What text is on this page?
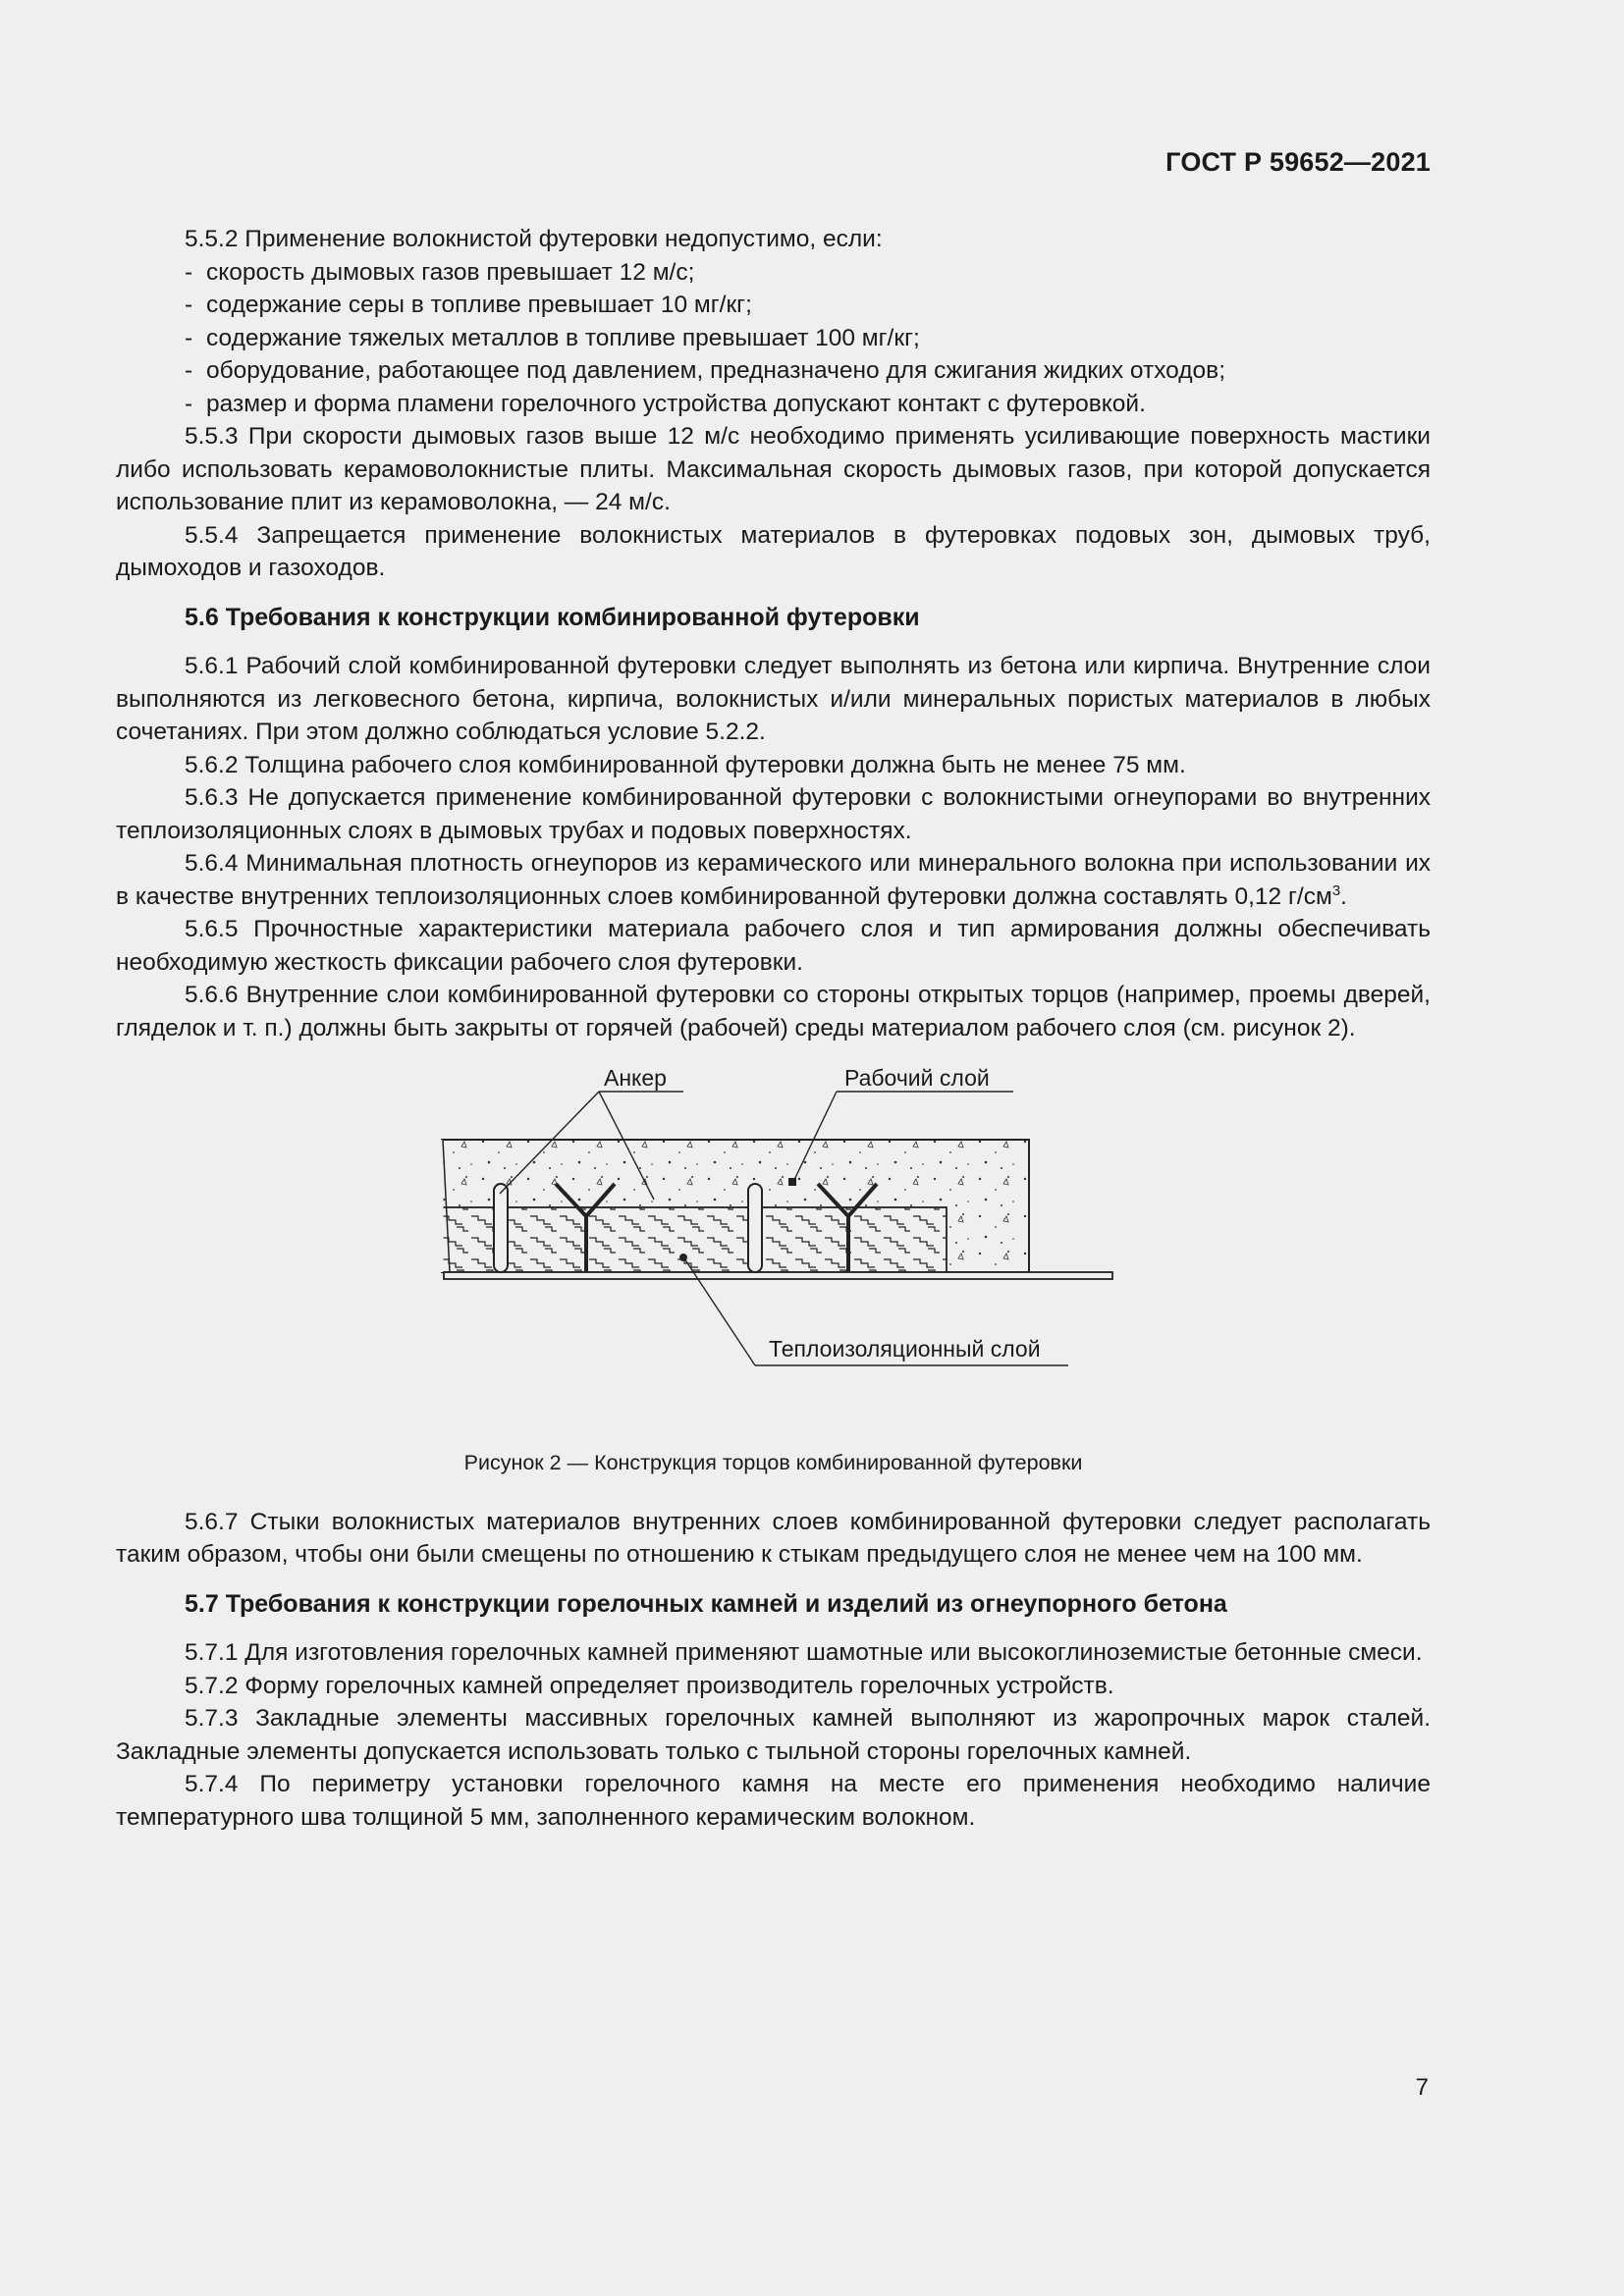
ГОСТ Р 59652—2021

5.5.2 Применение волокнистой футеровки недопустимо, если:

- скорость дымовых газов превышает 12 м/с;
- содержание серы в топливе превышает 10 мг/кг;
- содержание тяжелых металлов в топливе превышает 100 мг/кг;
- оборудование, работающее под давлением, предназначено для сжигания жидких отходов;
- размер и форма пламени горелочного устройства допускают контакт с футеровкой.

5.5.3 При скорости дымовых газов выше 12 м/с необходимо применять усиливающие поверхность мастики либо использовать керамоволокнистые плиты. Максимальная скорость дымовых газов, при которой допускается использование плит из керамоволокна, — 24 м/с.

5.5.4 Запрещается применение волокнистых материалов в футеровках подовых зон, дымовых труб, дымоходов и газоходов.

5.6 Требования к конструкции комбинированной футеровки

5.6.1 Рабочий слой комбинированной футеровки следует выполнять из бетона или кирпича. Внутренние слои выполняются из легковесного бетона, кирпича, волокнистых и/или минеральных пористых материалов в любых сочетаниях. При этом должно соблюдаться условие 5.2.2.

5.6.2 Толщина рабочего слоя комбинированной футеровки должна быть не менее 75 мм.

5.6.3 Не допускается применение комбинированной футеровки с волокнистыми огнеупорами во внутренних теплоизоляционных слоях в дымовых трубах и подовых поверхностях.

5.6.4 Минимальная плотность огнеупоров из керамического или минерального волокна при использовании их в качестве внутренних теплоизоляционных слоев комбинированной футеровки должна составлять 0,12 $г/см^3$.

5.6.5 Прочностные характеристики материала рабочего слоя и тип армирования должны обеспечивать необходимую жесткость фиксации рабочего слоя футеровки.

5.6.6 Внутренние слои комбинированной футеровки со стороны открытых торцов (например, проемы дверей, гляделок и т. п.) должны быть закрыты от горячей (рабочей) среды материалом рабочего слоя (см. рисунок 2).

Анкер	Рабочий слой
Теплоизоляционный слой
Рисунок 2 — Конструкция торцов комбинированной футеровки

5.6.7 Стыки волокнистых материалов внутренних слоев комбинированной футеровки следует располагать таким образом, чтобы они были смещены по отношению к стыкам предыдущего слоя не менее чем на 100 мм.

5.7 Требования к конструкции горелочных камней и изделий из огнеупорного бетона

5.7.1 Для изготовления горелочных камней применяют шамотные или высокоглиноземистые бетонные смеси.

5.7.2 Форму горелочных камней определяет производитель горелочных устройств.

5.7.3 Закладные элементы массивных горелочных камней выполняют из жаропрочных марок сталей. Закладные элементы допускается использовать только с тыльной стороны горелочных камней.

5.7.4 По периметру установки горелочного камня на месте его применения необходимо наличие температурного шва толщиной 5 мм, заполненного керамическим волокном.

7
